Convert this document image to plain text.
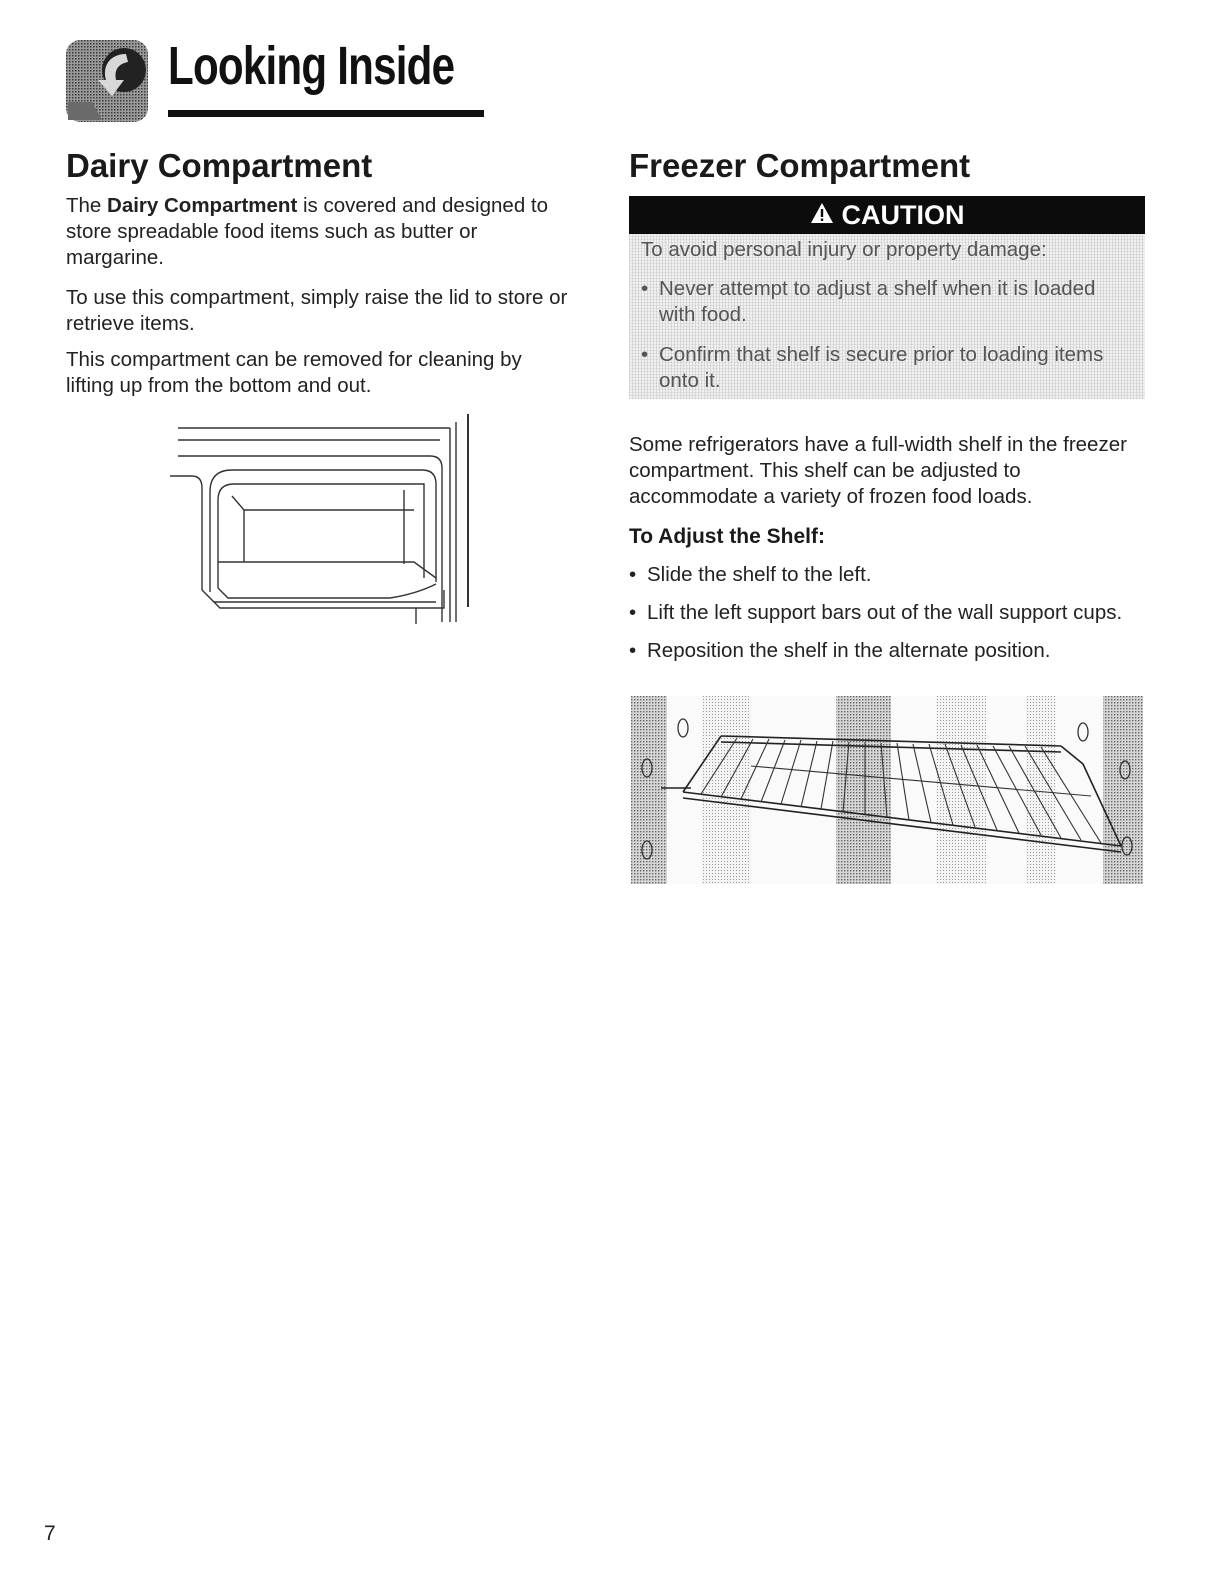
Looking Inside
Dairy Compartment

The Dairy Compartment is covered and designed to

store spreadable food items such as butter or

margarine.

To use this compartment, simply raise the lid to store or

retrieve items.

This compartment can be removed for cleaning by

lifting up from the bottom and out.

Freezer Compartment
CAUTION
To avoid personal injury or property damage:
• Never attempt to adjust a shelf when it is loaded
with food.
• Confirm that shelf is secure prior to loading items
onto it.

Some refrigerators have a full-width shelf in the freezer

compartment. This shelf can be adjusted to

accommodate a variety of frozen food loads.

To Adjust the Shelf:

• Slide the shelf to the left.
• Lift the left support bars out of the wall support cups.
• Reposition the shelf in the alternate position.

7
